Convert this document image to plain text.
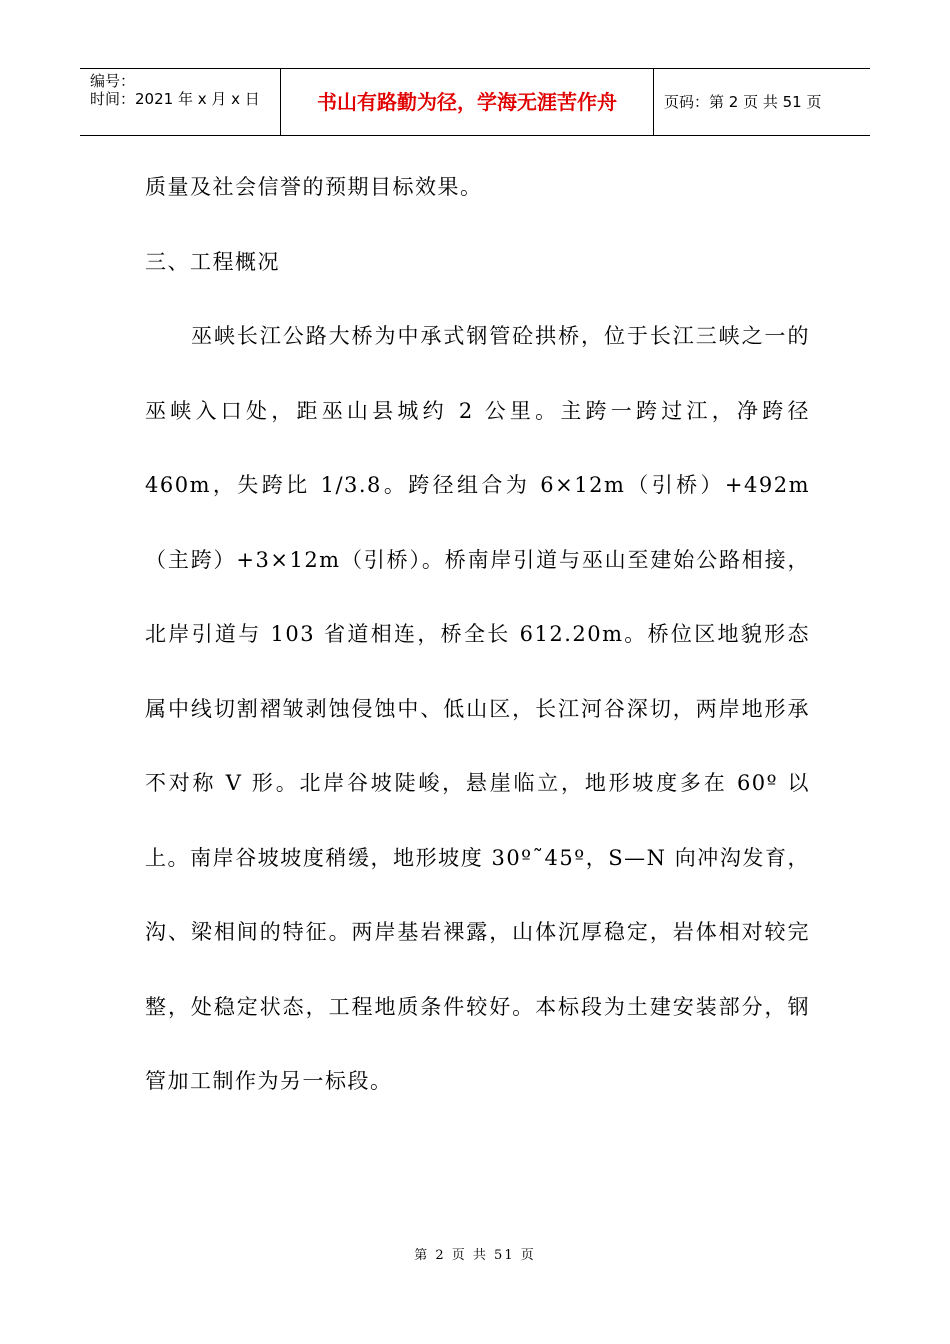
编号：
时间：2021 年 x 月 x 日	书山有路勤为径，学海无涯苦作舟	页码：第 2 页 共 51 页

质量及社会信誉的预期目标效果。

三、工程概况

巫峡长江公路大桥为中承式钢管砼拱桥，位于长江三峡之一的巫峡入口处，距巫山县城约 2 公里。主跨一跨过江，净跨径 460m，失跨比 1/3.8。跨径组合为 6×12m（引桥）+492m（主跨）+3×12m（引桥）。桥南岸引道与巫山至建始公路相接，北岸引道与 103 省道相连，桥全长 612.20m。桥位区地貌形态属中线切割褶皱剥蚀侵蚀中、低山区，长江河谷深切，两岸地形承不对称 V 形。北岸谷坡陡峻，悬崖临立，地形坡度多在 60º 以上。南岸谷坡坡度稍缓，地形坡度 30º˜45º，S—N 向冲沟发育，沟、梁相间的特征。两岸基岩裸露，山体沉厚稳定，岩体相对较完整，处稳定状态，工程地质条件较好。本标段为土建安装部分，钢管加工制作为另一标段。

第 2 页 共 51 页
